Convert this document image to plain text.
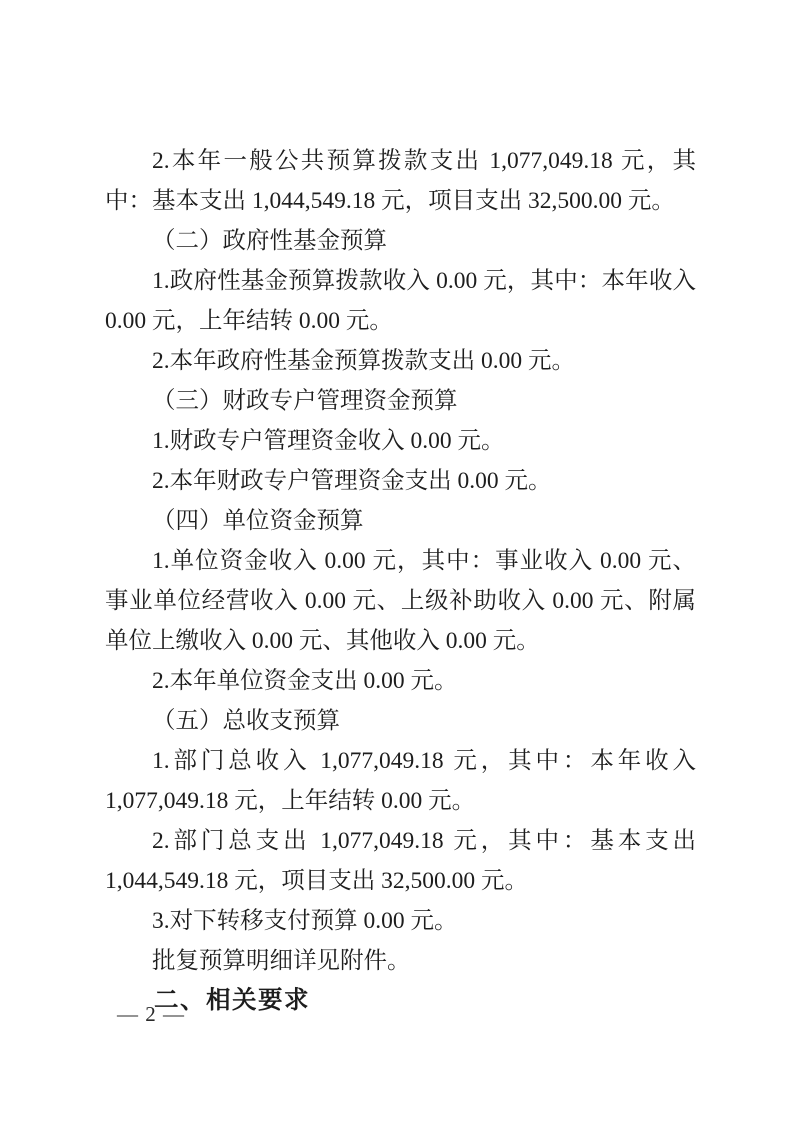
2.本年一般公共预算拨款支出 1,077,049.18 元，其中：基本支出 1,044,549.18 元，项目支出 32,500.00 元。

（二）政府性基金预算

1.政府性基金预算拨款收入 0.00 元，其中：本年收入 0.00 元，上年结转 0.00 元。

2.本年政府性基金预算拨款支出 0.00 元。

（三）财政专户管理资金预算

1.财政专户管理资金收入 0.00 元。

2.本年财政专户管理资金支出 0.00 元。

（四）单位资金预算

1.单位资金收入 0.00 元，其中：事业收入 0.00 元、事业单位经营收入 0.00 元、上级补助收入 0.00 元、附属单位上缴收入 0.00 元、其他收入 0.00 元。

2.本年单位资金支出 0.00 元。

（五）总收支预算

1.部门总收入 1,077,049.18 元，其中：本年收入 1,077,049.18 元，上年结转 0.00 元。

2.部门总支出 1,077,049.18 元，其中：基本支出 1,044,549.18 元，项目支出 32,500.00 元。

3.对下转移支付预算 0.00 元。

批复预算明细详见附件。

二、相关要求

— 2 —
